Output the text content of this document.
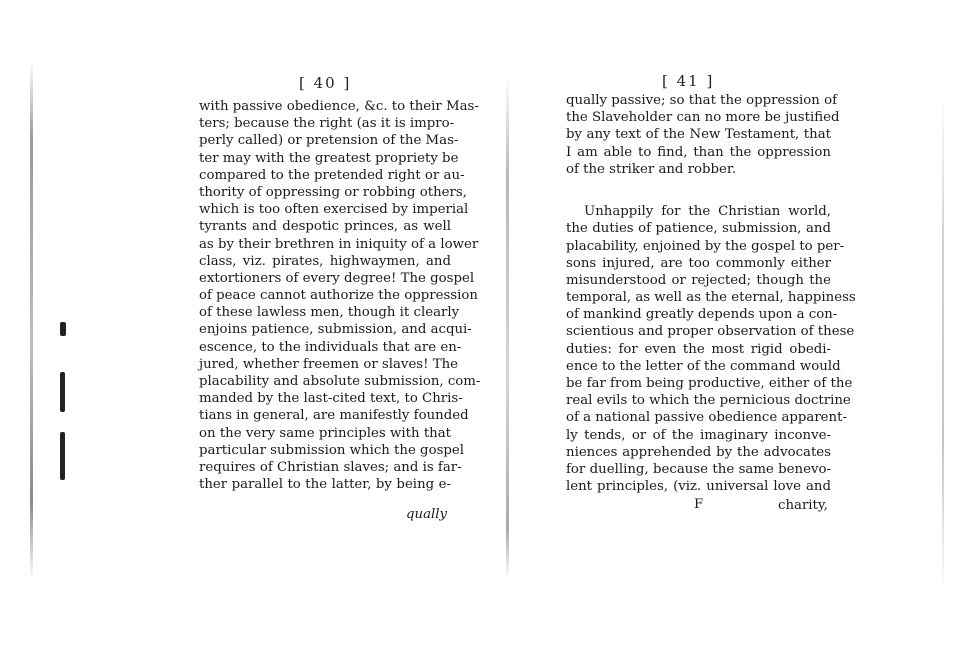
[ 40 ]
with passive obedience, &c. to their Mas-
ters; because the right (as it is impro-
perly called) or pretension of the Mas-
ter may with the greatest propriety be
compared to the pretended right or au-
thority of oppressing or robbing others,
which is too often exercised by imperial
tyrants and despotic princes, as well
as by their brethren in iniquity of a lower
class, viz. pirates, highwaymen, and
extortioners of every degree! The gospel
of peace cannot authorize the oppression
of these lawless men, though it clearly
enjoins patience, submission, and acqui-
escence, to the individuals that are en-
jured, whether freemen or slaves! The
placability and absolute submission, com-
manded by the last-cited text, to Chris-
tians in general, are manifestly founded
on the very same principles with that
particular submission which the gospel
requires of Christian slaves; and is far-
ther parallel to the latter, by being e-
qually
[ 41 ]
qually passive; so that the oppression of
the Slaveholder can no more be justified
by any text of the New Testament, that
I am able to find, than the oppression
of the striker and robber.
Unhappily for the Christian world,
the duties of patience, submission, and
placability, enjoined by the gospel to per-
sons injured, are too commonly either
misunderstood or rejected; though the
temporal, as well as the eternal, happiness
of mankind greatly depends upon a con-
scientious and proper observation of these
duties: for even the most rigid obedi-
ence to the letter of the command would
be far from being productive, either of the
real evils to which the pernicious doctrine
of a national passive obedience apparent-
ly tends, or of the imaginary inconve-
niences apprehended by the advocates
for duelling, because the same benevo-
lent principles, (viz. universal love and
F	charity,
